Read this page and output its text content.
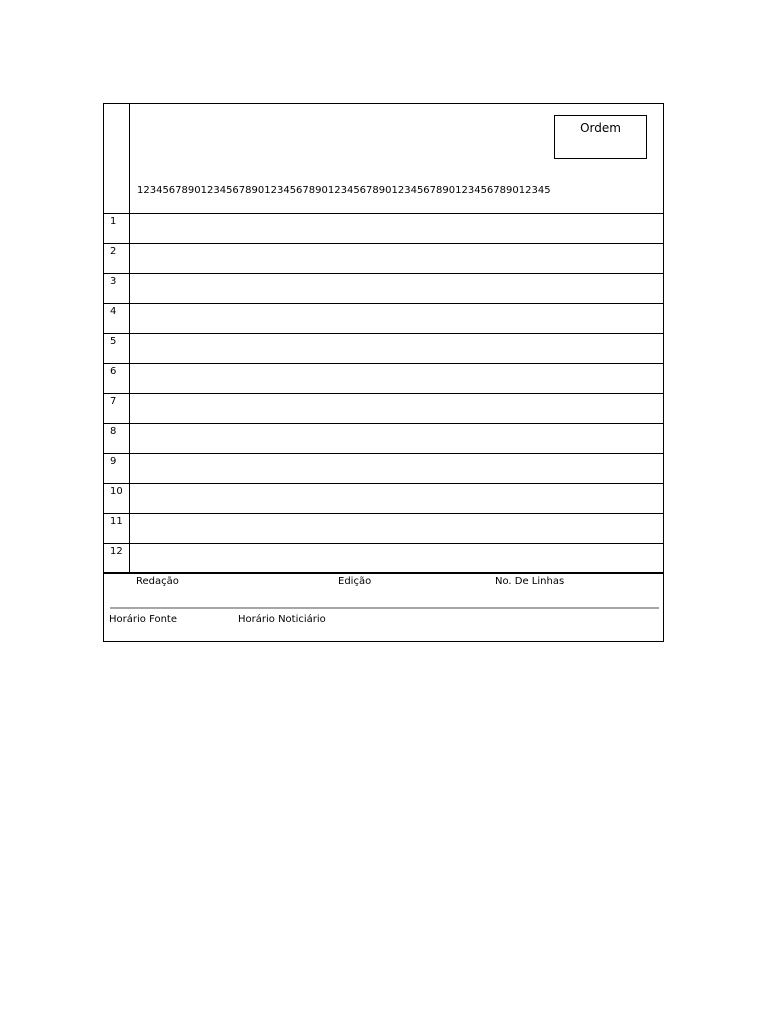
Ordem
12345678901234567890123456789012345678901234567890123456789012345
1
2
3
4
5
6
7
8
9
10
11
12
Redação	Edição	No. De Linhas
Horário Fonte	Horário Noticiário
